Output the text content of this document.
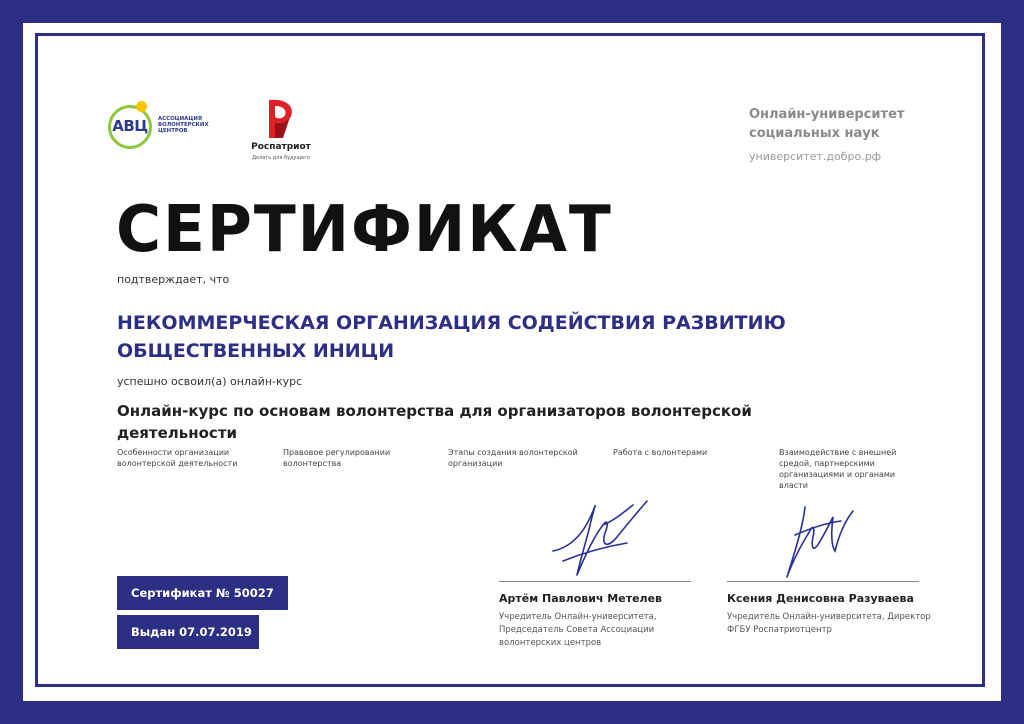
АВЦ	АССОЦИАЦИЯ ВОЛОНТЕРСКИХ ЦЕНТРОВ
Роспатриот
Делать для будущего
Онлайн-университет социальных наук
университет.добро.рф
СЕРТИФИКАТ
подтверждает, что
НЕКОММЕРЧЕСКАЯ ОРГАНИЗАЦИЯ СОДЕЙСТВИЯ РАЗВИТИЮ ОБЩЕСТВЕННЫХ ИНИЦИ
успешно освоил(а) онлайн-курс
Онлайн-курс по основам волонтерства для организаторов волонтерской деятельности
Особенности организации волонтерской деятельности
Правовое регулировании волонтерства
Этапы создания волонтерской организации
Работа с волонтерами	Взаимодействие с внешней средой, партнерскими организациями и органами власти
Сертификат № 50027
Выдан 07.07.2019
Артём Павлович Метелев
Учредитель Онлайн-университета, Председатель Совета Ассоциации волонтерских центров
Ксения Денисовна Разуваева
Учредитель Онлайн-университета, Директор ФГБУ Роспатриотцентр
